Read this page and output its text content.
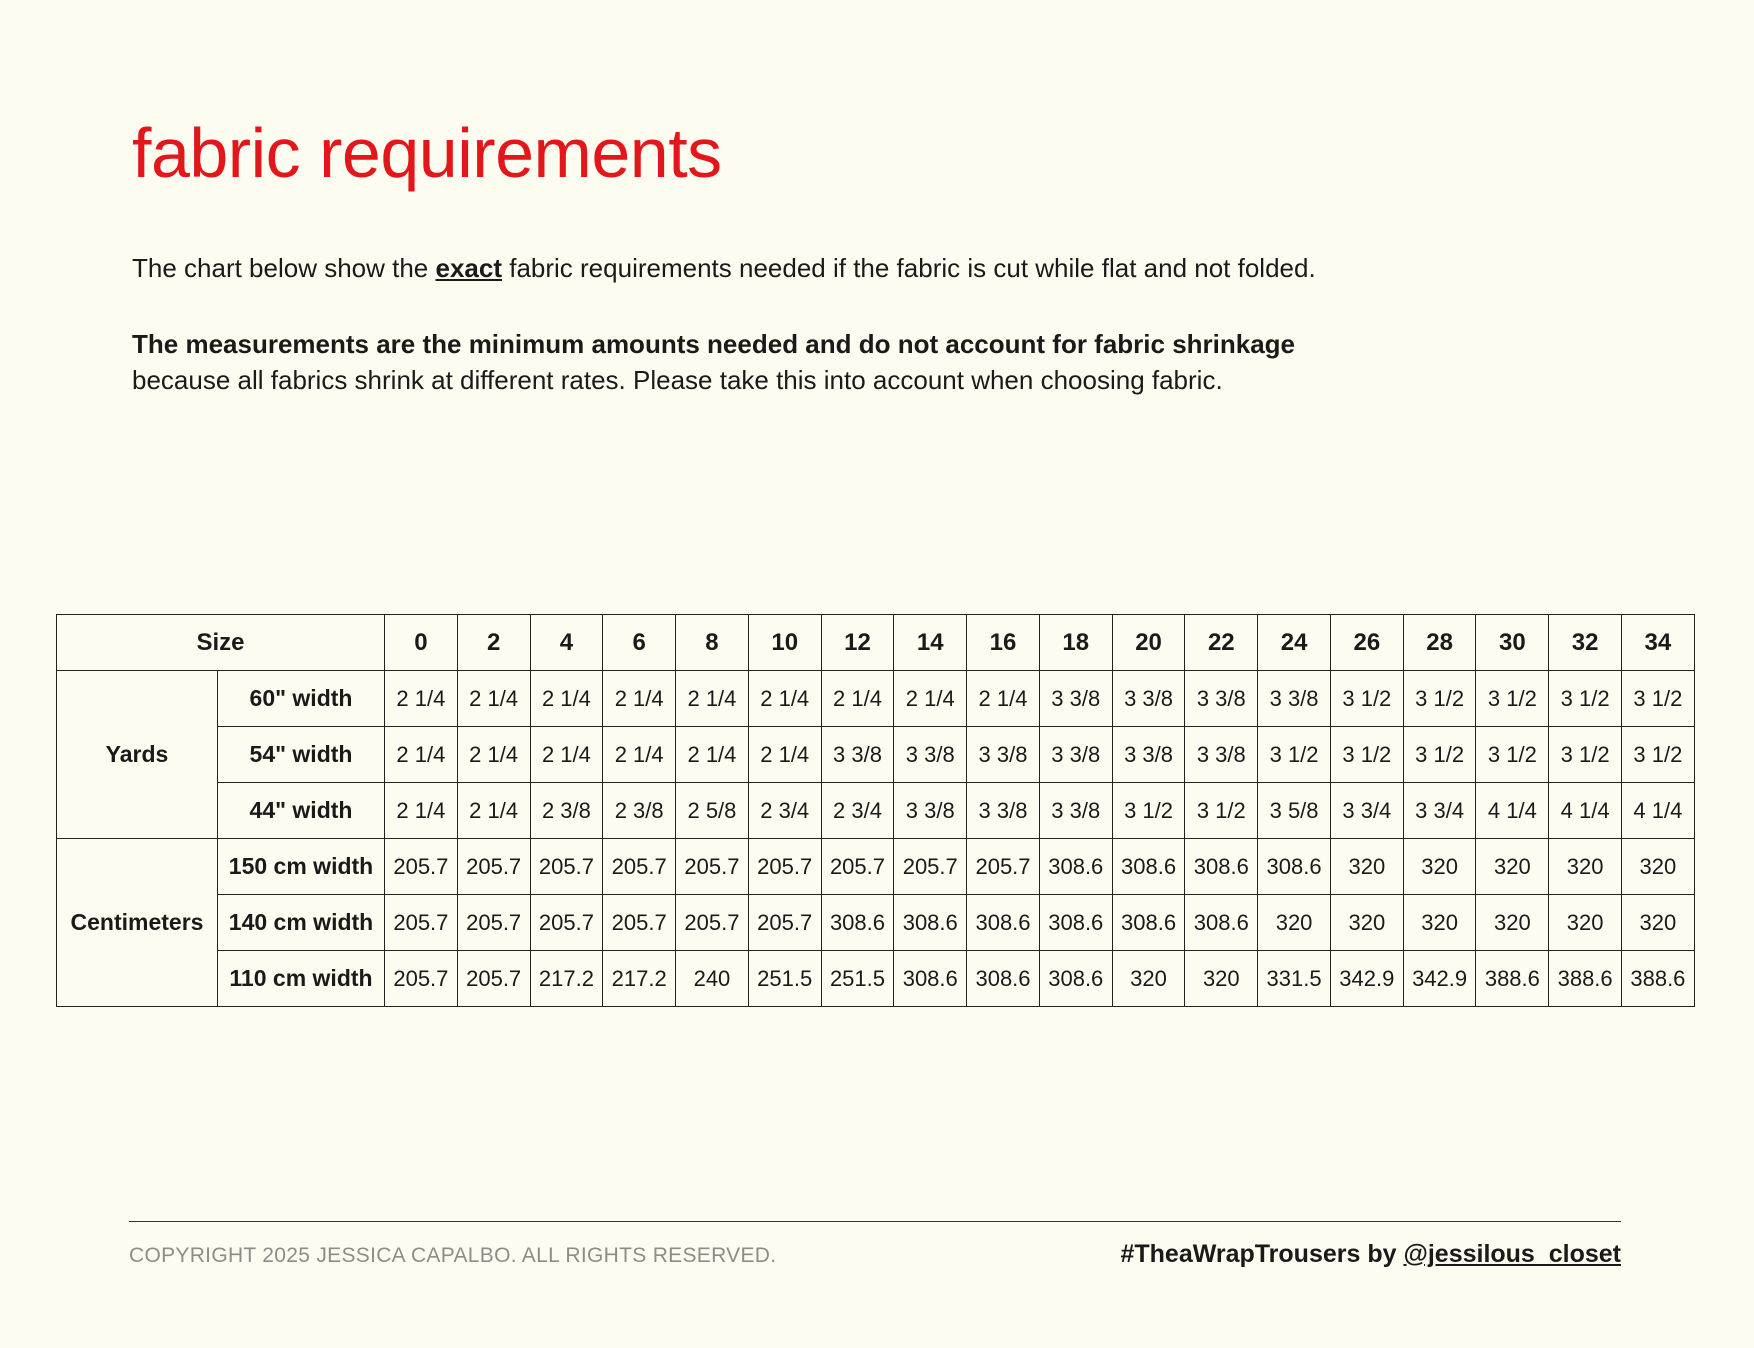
fabric requirements

The chart below show the exact fabric requirements needed if the fabric is cut while flat and not folded.

The measurements are the minimum amounts needed and do not account for fabric shrinkage
because all fabrics shrink at different rates. Please take this into account when choosing fabric.

Size		0	2	4	6	8	10	12	14	16	18	20	22	24	26	28	30	32	34
Yards	60" width	2 1/4	2 1/4	2 1/4	2 1/4	2 1/4	2 1/4	2 1/4	2 1/4	2 1/4	3 3/8	3 3/8	3 3/8	3 3/8	3 1/2	3 1/2	3 1/2	3 1/2	3 1/2
	54" width	2 1/4	2 1/4	2 1/4	2 1/4	2 1/4	2 1/4	3 3/8	3 3/8	3 3/8	3 3/8	3 3/8	3 3/8	3 1/2	3 1/2	3 1/2	3 1/2	3 1/2	3 1/2
	44" width	2 1/4	2 1/4	2 3/8	2 3/8	2 5/8	2 3/4	2 3/4	3 3/8	3 3/8	3 3/8	3 1/2	3 1/2	3 5/8	3 3/4	3 3/4	4 1/4	4 1/4	4 1/4
Centimeters	150 cm width	205.7	205.7	205.7	205.7	205.7	205.7	205.7	205.7	205.7	308.6	308.6	308.6	308.6	320	320	320	320	320
	140 cm width	205.7	205.7	205.7	205.7	205.7	205.7	308.6	308.6	308.6	308.6	308.6	308.6	320	320	320	320	320	320
	110 cm width	205.7	205.7	217.2	217.2	240	251.5	251.5	308.6	308.6	308.6	320	320	331.5	342.9	342.9	388.6	388.6	388.6
COPYRIGHT 2025 JESSICA CAPALBO. ALL RIGHTS RESERVED.	#TheaWrapTrousers by @jessilous_closet
